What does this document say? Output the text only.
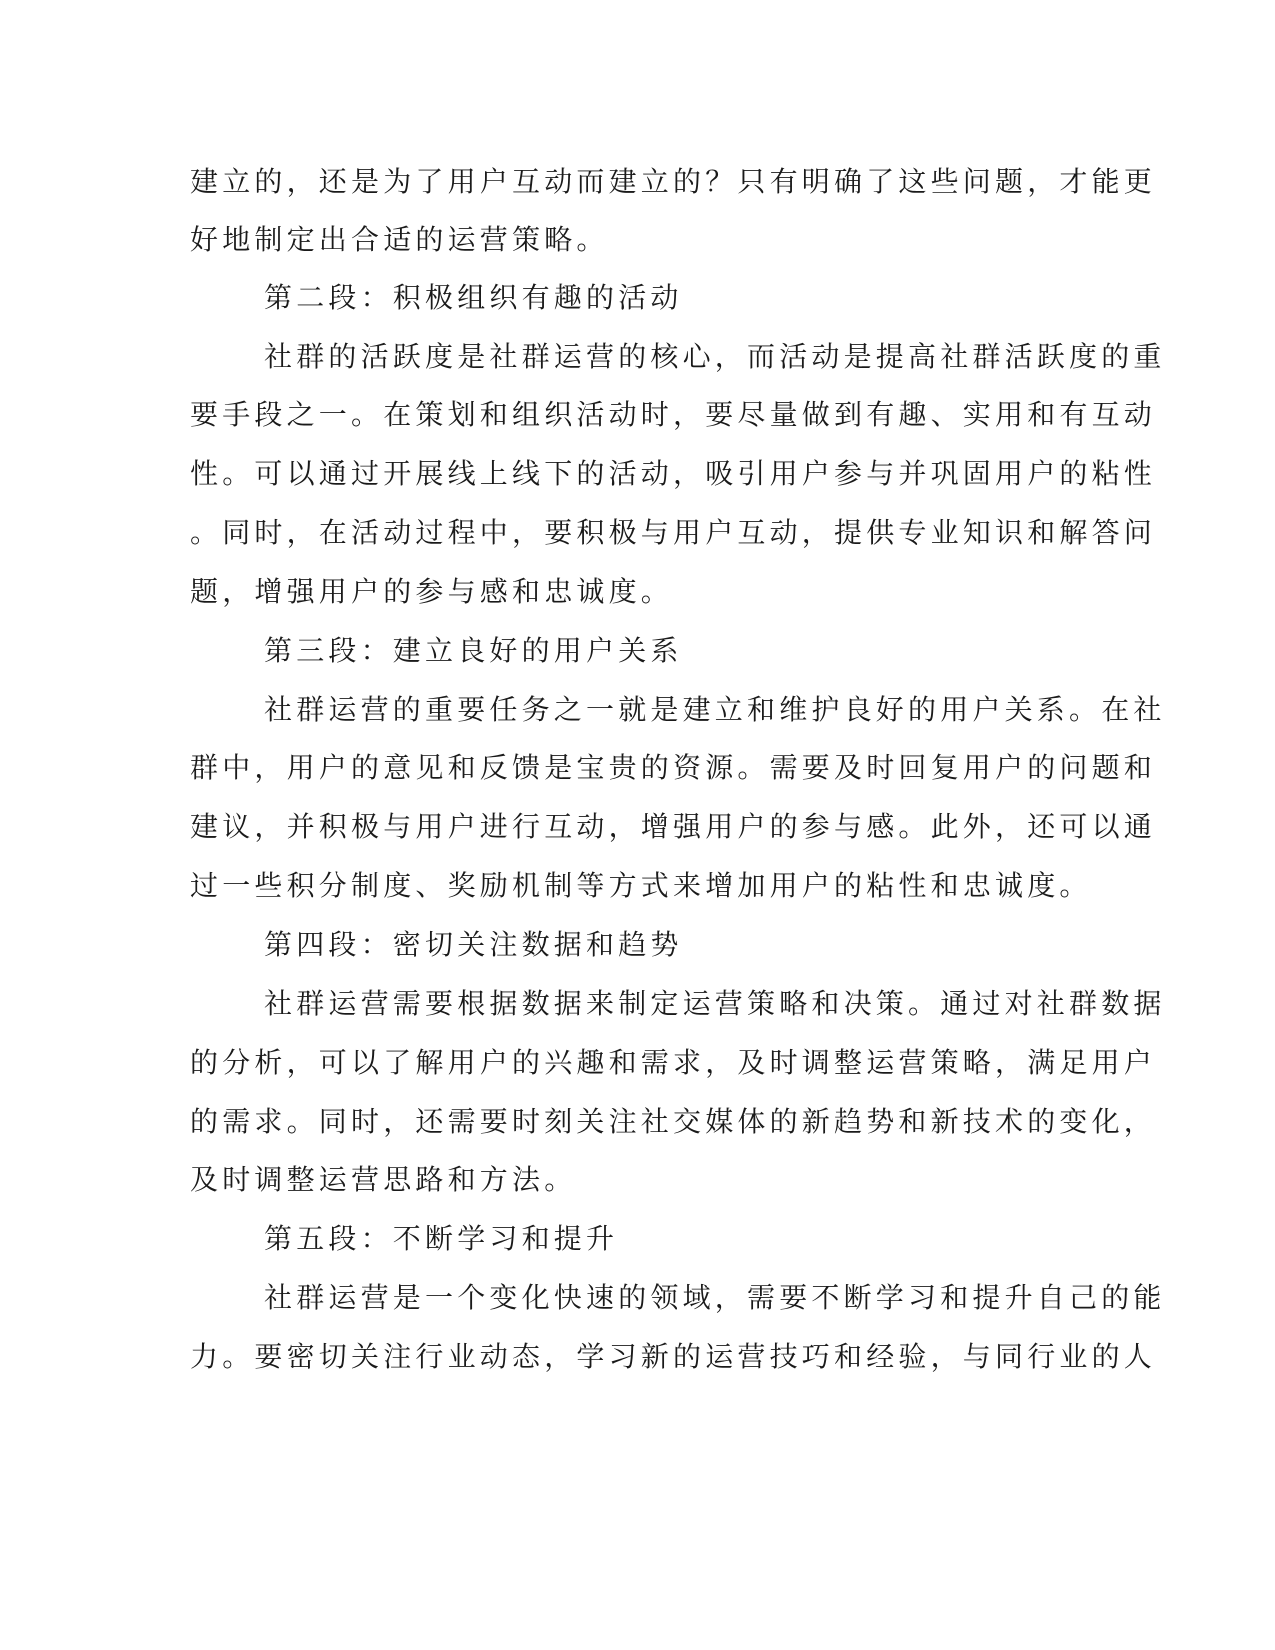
建立的，还是为了用户互动而建立的？只有明确了这些问题，才能更
好地制定出合适的运营策略。
第二段：积极组织有趣的活动
社群的活跃度是社群运营的核心，而活动是提高社群活跃度的重
要手段之一。在策划和组织活动时，要尽量做到有趣、实用和有互动
性。可以通过开展线上线下的活动，吸引用户参与并巩固用户的粘性
。同时，在活动过程中，要积极与用户互动，提供专业知识和解答问
题，增强用户的参与感和忠诚度。
第三段：建立良好的用户关系
社群运营的重要任务之一就是建立和维护良好的用户关系。在社
群中，用户的意见和反馈是宝贵的资源。需要及时回复用户的问题和
建议，并积极与用户进行互动，增强用户的参与感。此外，还可以通
过一些积分制度、奖励机制等方式来增加用户的粘性和忠诚度。
第四段：密切关注数据和趋势
社群运营需要根据数据来制定运营策略和决策。通过对社群数据
的分析，可以了解用户的兴趣和需求，及时调整运营策略，满足用户
的需求。同时，还需要时刻关注社交媒体的新趋势和新技术的变化，
及时调整运营思路和方法。
第五段：不断学习和提升
社群运营是一个变化快速的领域，需要不断学习和提升自己的能
力。要密切关注行业动态，学习新的运营技巧和经验，与同行业的人
